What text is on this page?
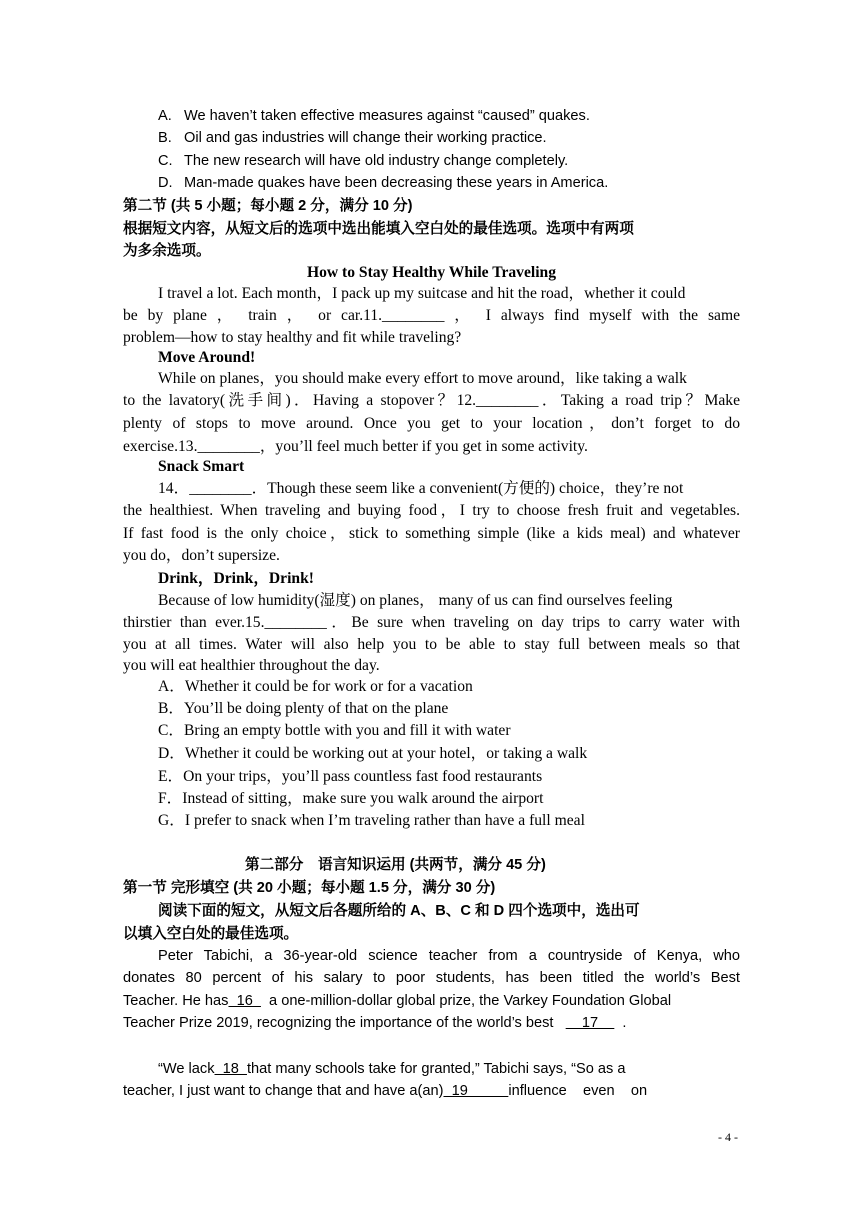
A. We haven’t taken effective measures against “caused” quakes.
B. Oil and gas industries will change their working practice.
C. The new research will have old industry change completely.
D. Man-made quakes have been decreasing these years in America.
第二节 (共 5 小题；每小题 2 分，满分 10 分)
根据短文内容，从短文后的选项中选出能填入空白处的最佳选项。选项中有两项
为多余选项。
How to Stay Healthy While Traveling
I travel a lot. Each month，I pack up my suitcase and hit the road，whether it could
be by plane ， train ， or car.11.________ ， I always find myself with the same
problem—how to stay healthy and fit while traveling?
Move Around!
While on planes，you should make every effort to move around，like taking a walk
to the lavatory(洗手间)．Having a stopover？12.________．Taking a road trip？Make
plenty of stops to move around. Once you get to your location，don’t forget to do
exercise.13.________，you’ll feel much better if you get in some activity.
Snack Smart
14．________．Though these seem like a convenient(方便的) choice，they’re not
the healthiest. When traveling and buying food，I try to choose fresh fruit and vegetables.
If fast food is the only choice，stick to something simple (like a kids meal) and whatever
you do，don’t supersize.
Drink，Drink，Drink!
Because of low humidity(湿度) on planes， many of us can find ourselves feeling
thirstier than ever.15.________．Be sure when traveling on day trips to carry water with
you at all times. Water will also help you to be able to stay full between meals so that
you will eat healthier throughout the day.
A．Whether it could be for work or for a vacation
B．You’ll be doing plenty of that on the plane
C．Bring an empty bottle with you and fill it with water
D．Whether it could be working out at your hotel，or taking a walk
E．On your trips，you’ll pass countless fast food restaurants
F．Instead of sitting，make sure you walk around the airport
G．I prefer to snack when I’m traveling rather than have a full meal
第二部分　语言知识运用 (共两节，满分 45 分)
第一节 完形填空 (共 20 小题；每小题 1.5 分，满分 30 分)
阅读下面的短文，从短文后各题所给的 A、B、C 和 D 四个选项中，选出可
以填入空白处的最佳选项。
Peter Tabichi, a 36-year-old science teacher from a countryside of Kenya, who
donates 80 percent of his salary to poor students, has been titled the world’s Best
Teacher. He has  16    a one-million-dollar global prize, the Varkey Foundation Global
Teacher Prize 2019, recognizing the importance of the world’s best       17      .
“We lack  18  that many schools take for granted,” Tabichi says, “So as a
teacher, I just want to change that and have a(an)  19          influence    even    on
- 4 -
